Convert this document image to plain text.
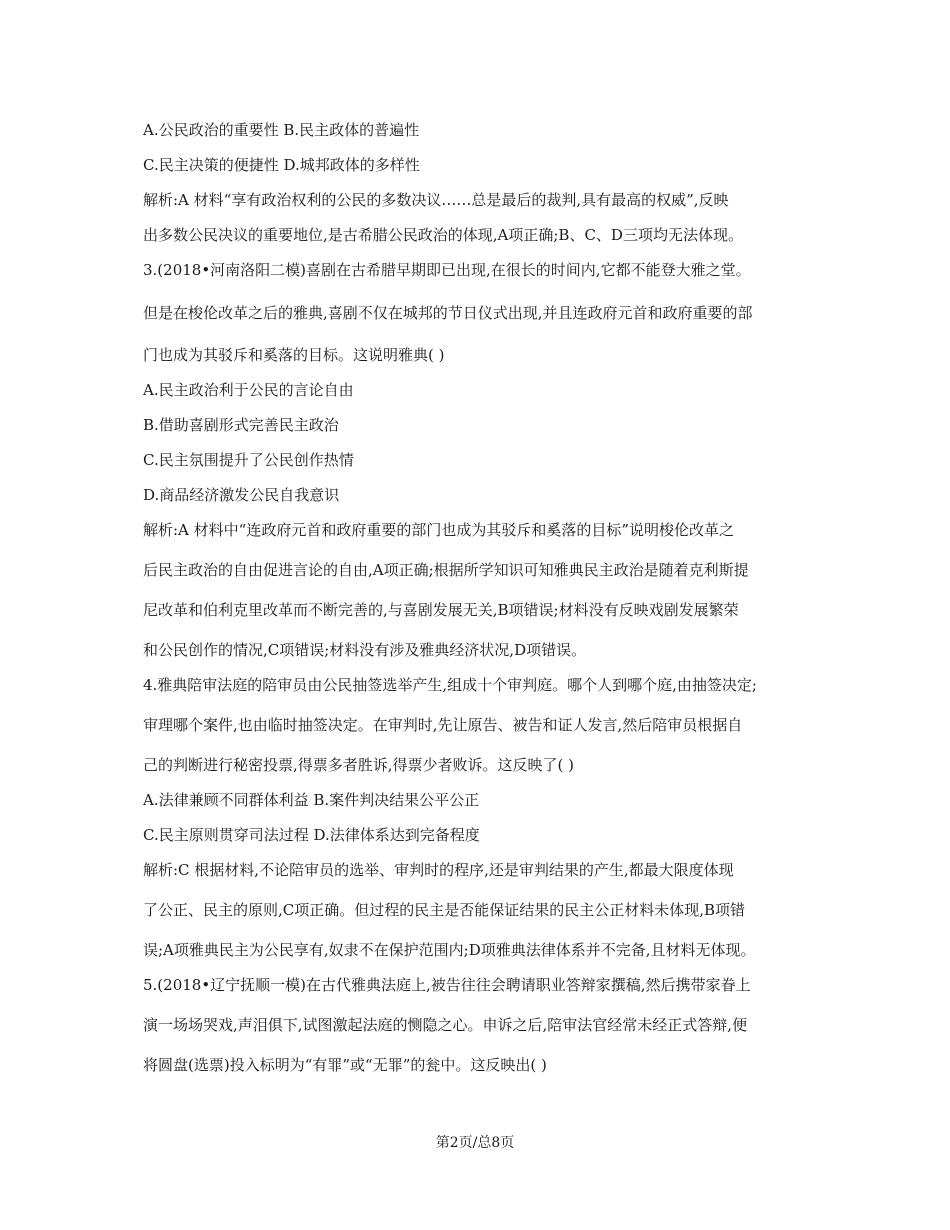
A.公民政治的重要性 B.民主政体的普遍性
C.民主决策的便捷性 D.城邦政体的多样性
解析:A 材料“享有政治权利的公民的多数决议……总是最后的裁判,具有最高的权威”,反映
出多数公民决议的重要地位,是古希腊公民政治的体现,A项正确;B、C、D三项均无法体现。
3.(2018•河南洛阳二模)喜剧在古希腊早期即已出现,在很长的时间内,它都不能登大雅之堂。
但是在梭伦改革之后的雅典,喜剧不仅在城邦的节日仪式出现,并且连政府元首和政府重要的部
门也成为其驳斥和奚落的目标。这说明雅典( )
A.民主政治利于公民的言论自由
B.借助喜剧形式完善民主政治
C.民主氛围提升了公民创作热情
D.商品经济激发公民自我意识
解析:A 材料中“连政府元首和政府重要的部门也成为其驳斥和奚落的目标”说明梭伦改革之
后民主政治的自由促进言论的自由,A项正确;根据所学知识可知雅典民主政治是随着克利斯提
尼改革和伯利克里改革而不断完善的,与喜剧发展无关,B项错误;材料没有反映戏剧发展繁荣
和公民创作的情况,C项错误;材料没有涉及雅典经济状况,D项错误。
4.雅典陪审法庭的陪审员由公民抽签选举产生,组成十个审判庭。哪个人到哪个庭,由抽签决定;
审理哪个案件,也由临时抽签决定。在审判时,先让原告、被告和证人发言,然后陪审员根据自
己的判断进行秘密投票,得票多者胜诉,得票少者败诉。这反映了( )
A.法律兼顾不同群体利益 B.案件判决结果公平公正
C.民主原则贯穿司法过程 D.法律体系达到完备程度
解析:C 根据材料,不论陪审员的选举、审判时的程序,还是审判结果的产生,都最大限度体现
了公正、民主的原则,C项正确。但过程的民主是否能保证结果的民主公正材料未体现,B项错
误;A项雅典民主为公民享有,奴隶不在保护范围内;D项雅典法律体系并不完备,且材料无体现。
5.(2018•辽宁抚顺一模)在古代雅典法庭上,被告往往会聘请职业答辩家撰稿,然后携带家眷上
演一场场哭戏,声泪俱下,试图激起法庭的恻隐之心。申诉之后,陪审法官经常未经正式答辩,便
将圆盘(选票)投入标明为“有罪”或“无罪”的瓮中。这反映出( )
第2页/总8页
